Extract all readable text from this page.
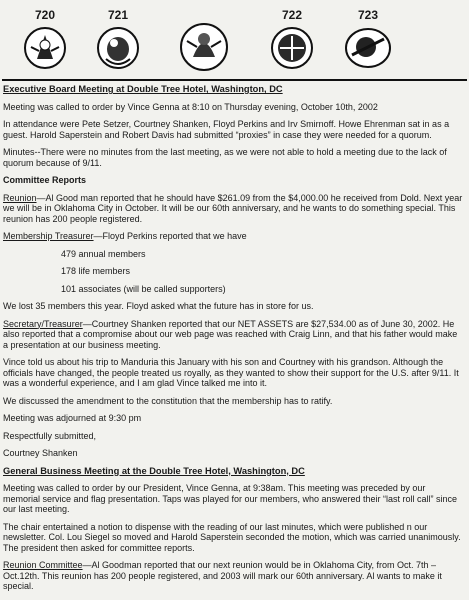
720	721	722	723

Executive Board Meeting at Double Tree Hotel, Washington, DC

Meeting was called to order by Vince Genna at 8:10 on Thursday evening, October 10th, 2002

In attendance were Pete Setzer, Courtney Shanken, Floyd Perkins and Irv Smirnoff. Howe Ehrenman sat in as a guest. Harold Saperstein and Robert Davis had submitted “proxies” in case they were needed for a quorum.

Minutes--There were no minutes from the last meeting, as we were not able to hold a meeting due to the lack of quorum because of 9/11.

Committee Reports

Reunion—Al Good man reported that he should have $261.09 from the $4,000.00 he received from Dold. Next year we will be in Oklahoma City in October. It will be our 60th anniversary, and he wants to do something special. This reunion has 200 people registered.

Membership Treasurer—Floyd Perkins reported that we have

479 annual members

178 life members

101 associates (will be called supporters)

We lost 35 members this year. Floyd asked what the future has in store for us.

Secretary/Treasurer—Courtney Shanken reported that our NET ASSETS are $27,534.00 as of June 30, 2002. He also reported that a compromise about our web page was reached with Craig Linn, and that his father would make a presentation at our business meeting.

Vince told us about his trip to Manduria this January with his son and Courtney with his grandson. Although the officials have changed, the people treated us royally, as they wanted to show their support for the U.S. after 9/11. It was a wonderful experience, and I am glad Vince talked me into it.

We discussed the amendment to the constitution that the membership has to ratify.

Meeting was adjourned at 9:30 pm

Respectfully submitted,

Courtney Shanken

General Business Meeting at the Double Tree Hotel, Washington, DC

Meeting was called to order by our President, Vince Genna, at 9:38am. This meeting was preceded by our memorial service and flag presentation. Taps was played for our members, who answered their “last roll call” since our last meeting.

The chair entertained a notion to dispense with the reading of our last minutes, which were published n our newsletter. Col. Lou Siegel so moved and Harold Saperstein seconded the motion, which was carried unanimously. The president then asked for committee reports.

Reunion Committee—Al Goodman reported that our next reunion would be in Oklahoma City, from Oct. 7th – Oct.12th. This reunion has 200 people registered, and 2003 will mark our 60th anniversary. Al wants to make it special.
